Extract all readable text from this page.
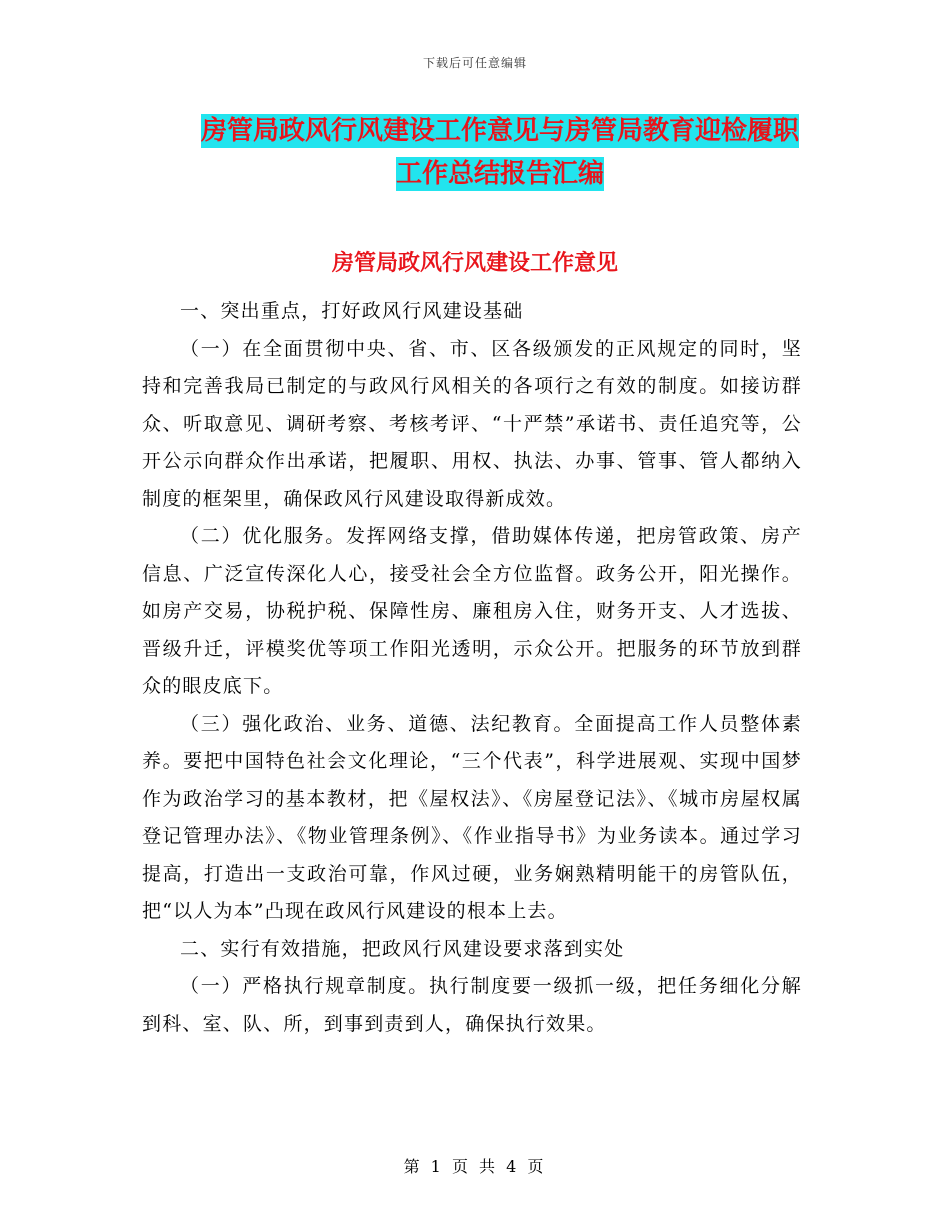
下载后可任意编辑
房管局政风行风建设工作意见与房管局教育迎检履职
工作总结报告汇编
房管局政风行风建设工作意见

一、突出重点，打好政风行风建设基础

（一）在全面贯彻中央、省、市、区各级颁发的正风规定的同时，坚持和完善我局已制定的与政风行风相关的各项行之有效的制度。如接访群众、听取意见、调研考察、考核考评、“十严禁”承诺书、责任追究等，公开公示向群众作出承诺，把履职、用权、执法、办事、管事、管人都纳入制度的框架里，确保政风行风建设取得新成效。

（二）优化服务。发挥网络支撑，借助媒体传递，把房管政策、房产信息、广泛宣传深化人心，接受社会全方位监督。政务公开，阳光操作。如房产交易，协税护税、保障性房、廉租房入住，财务开支、人才选拔、晋级升迁，评模奖优等项工作阳光透明，示众公开。把服务的环节放到群众的眼皮底下。

（三）强化政治、业务、道德、法纪教育。全面提高工作人员整体素养。要把中国特色社会文化理论，“三个代表”，科学进展观、实现中国梦作为政治学习的基本教材，把《屋权法》、《房屋登记法》、《城市房屋权属登记管理办法》、《物业管理条例》、《作业指导书》为业务读本。通过学习提高，打造出一支政治可靠，作风过硬，业务娴熟精明能干的房管队伍，把“以人为本”凸现在政风行风建设的根本上去。

二、实行有效措施，把政风行风建设要求落到实处

（一）严格执行规章制度。执行制度要一级抓一级，把任务细化分解到科、室、队、所，到事到责到人，确保执行效果。

第 1 页 共 4 页
